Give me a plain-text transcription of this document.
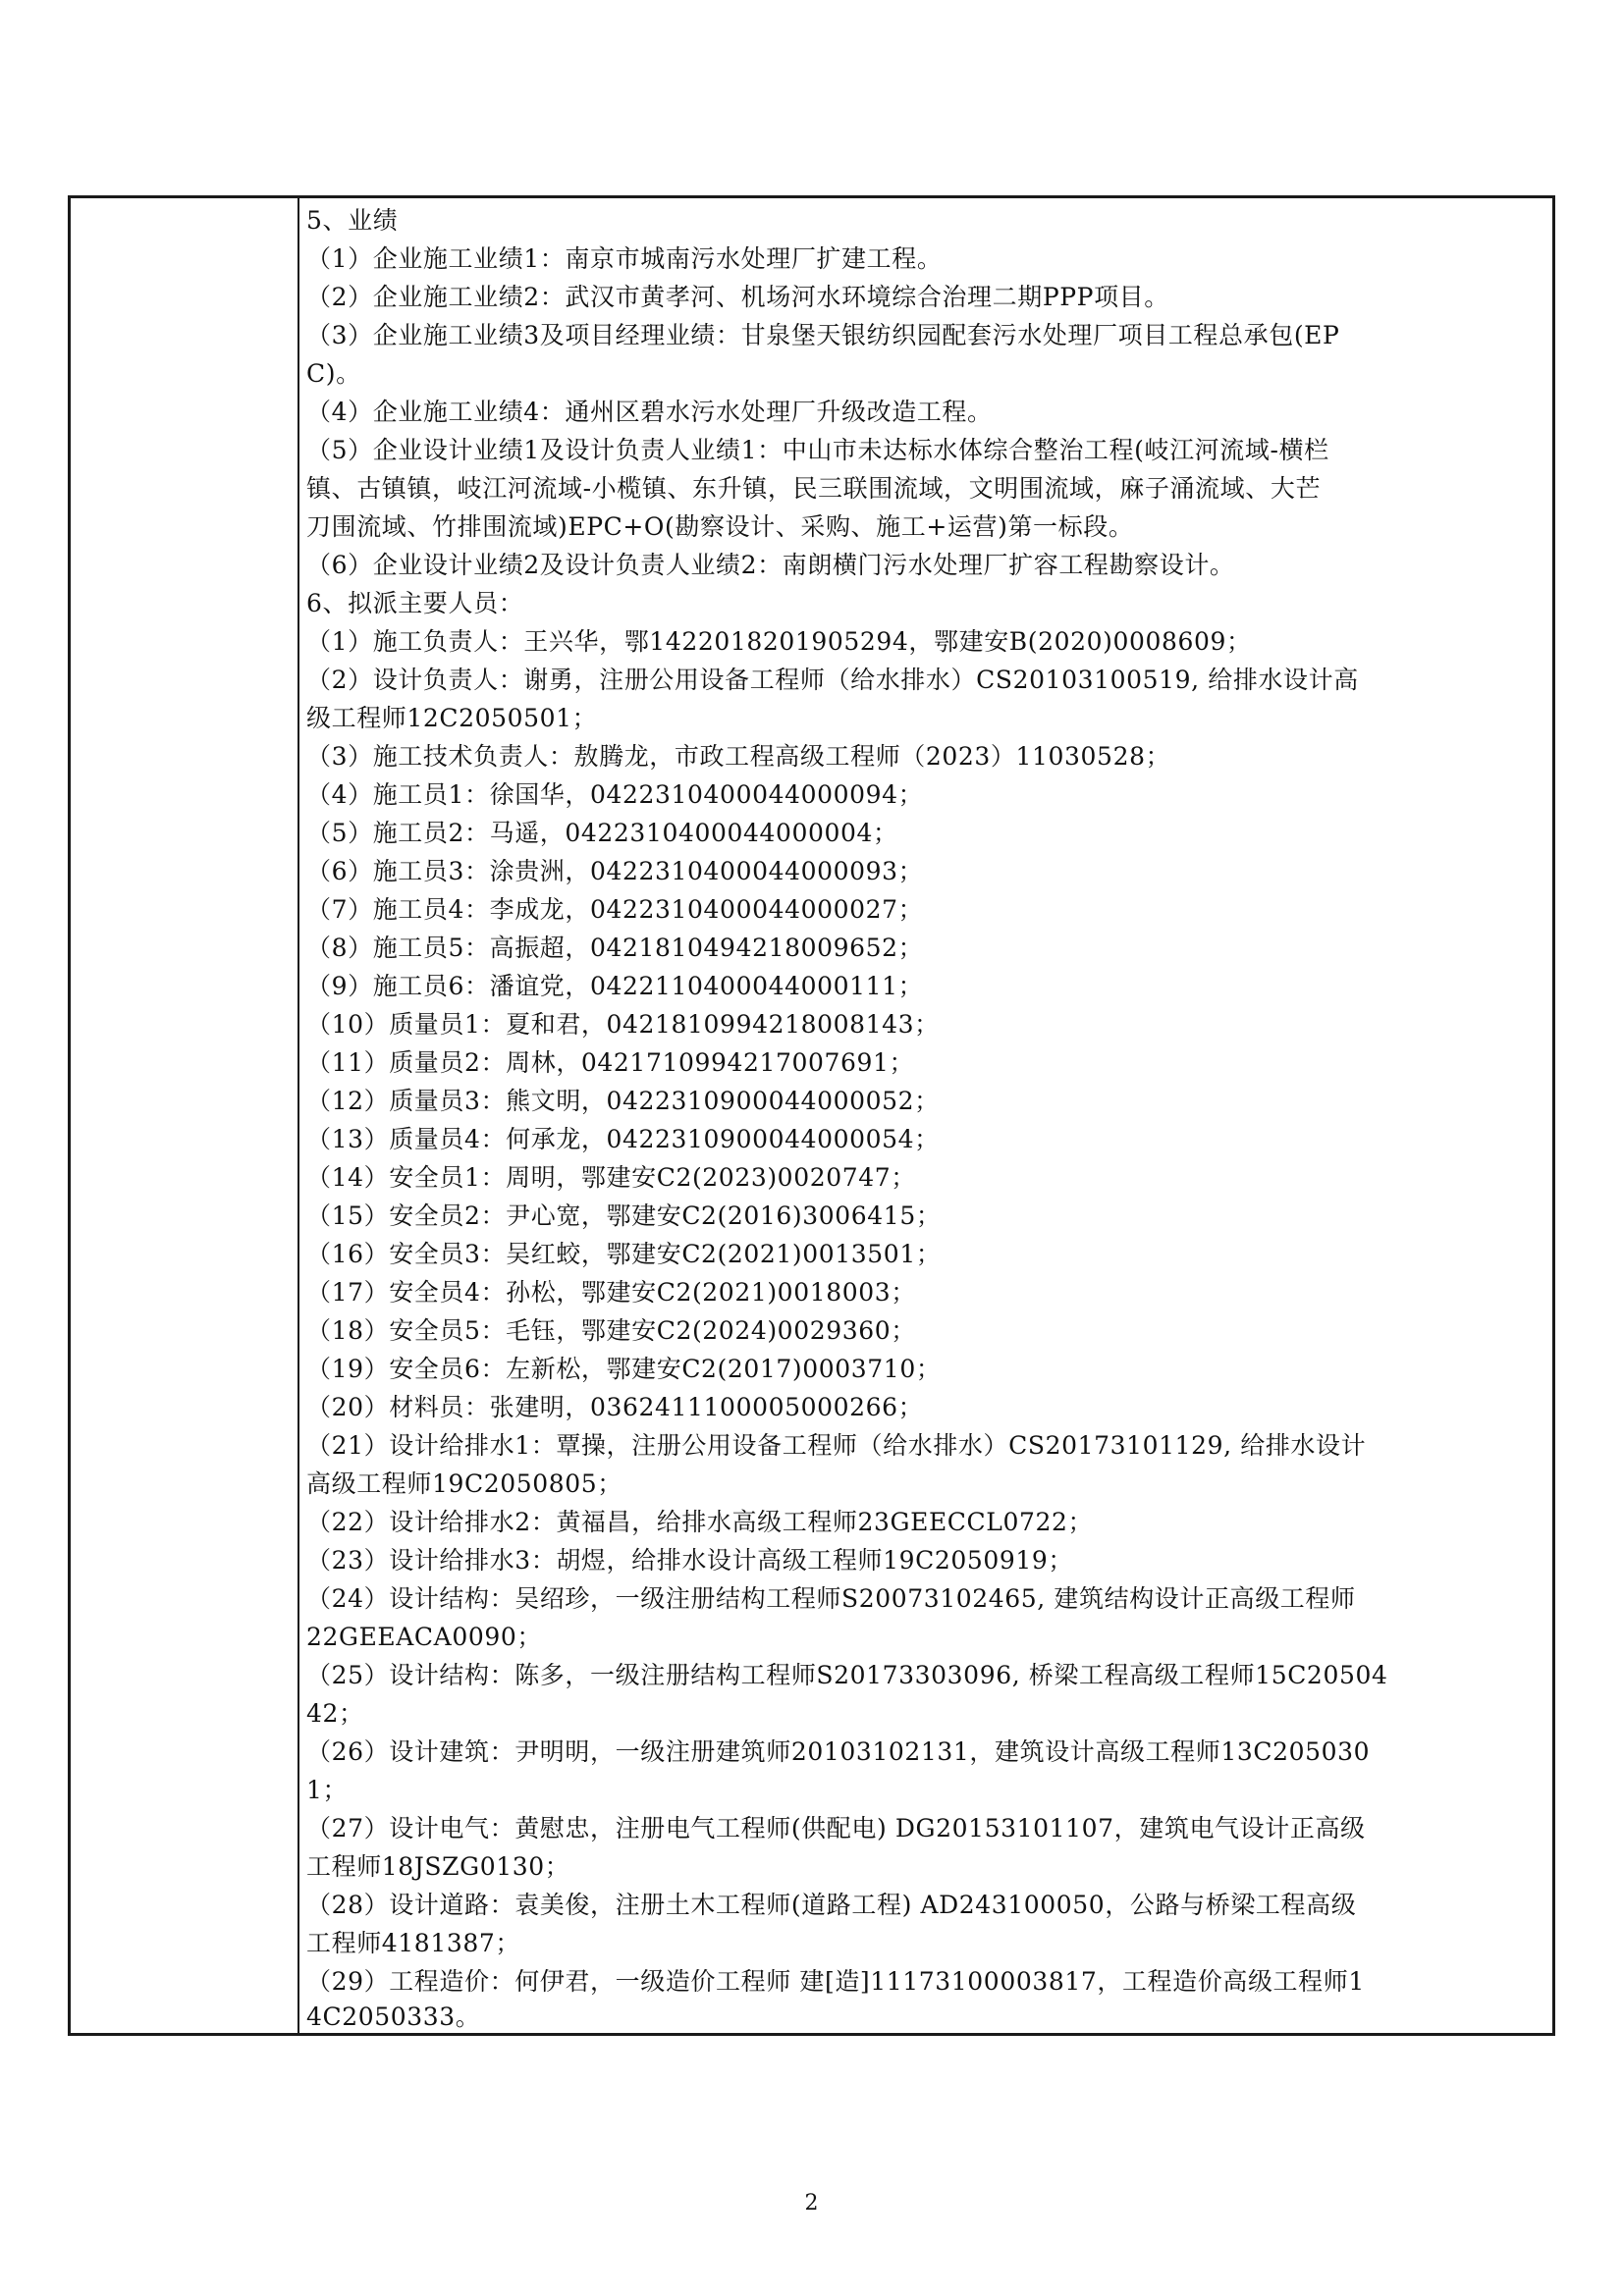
5、业绩
（1）企业施工业绩1：南京市城南污水处理厂扩建工程。
（2）企业施工业绩2：武汉市黄孝河、机场河水环境综合治理二期PPP项目。
（3）企业施工业绩3及项目经理业绩：甘泉堡天银纺织园配套污水处理厂项目工程总承包(EP
C)。
（4）企业施工业绩4：通州区碧水污水处理厂升级改造工程。
（5）企业设计业绩1及设计负责人业绩1：中山市未达标水体综合整治工程(岐江河流域-横栏
镇、古镇镇，岐江河流域-小榄镇、东升镇，民三联围流域，文明围流域，麻子涌流域、大芒
刀围流域、竹排围流域)EPC+O(勘察设计、采购、施工+运营)第一标段。
（6）企业设计业绩2及设计负责人业绩2：南朗横门污水处理厂扩容工程勘察设计。
6、拟派主要人员：
（1）施工负责人：王兴华，鄂1422018201905294，鄂建安B(2020)0008609；
（2）设计负责人：谢勇，注册公用设备工程师（给水排水）CS20103100519, 给排水设计高
级工程师12C2050501；
（3）施工技术负责人：敖腾龙，市政工程高级工程师（2023）11030528；
（4）施工员1：徐国华，0422310400044000094；
（5）施工员2：马遥，0422310400044000004；
（6）施工员3：涂贵洲，0422310400044000093；
（7）施工员4：李成龙，0422310400044000027；
（8）施工员5：高振超，0421810494218009652；
（9）施工员6：潘谊党，0422110400044000111；
（10）质量员1：夏和君，0421810994218008143；
（11）质量员2：周林，0421710994217007691；
（12）质量员3：熊文明，0422310900044000052；
（13）质量员4：何承龙，0422310900044000054；
（14）安全员1：周明，鄂建安C2(2023)0020747；
（15）安全员2：尹心宽，鄂建安C2(2016)3006415；
（16）安全员3：吴红蛟，鄂建安C2(2021)0013501；
（17）安全员4：孙松，鄂建安C2(2021)0018003；
（18）安全员5：毛钰，鄂建安C2(2024)0029360；
（19）安全员6：左新松，鄂建安C2(2017)0003710；
（20）材料员：张建明，0362411100005000266；
（21）设计给排水1：覃操，注册公用设备工程师（给水排水）CS20173101129, 给排水设计
高级工程师19C2050805；
（22）设计给排水2：黄福昌，给排水高级工程师23GEECCL0722；
（23）设计给排水3：胡煜，给排水设计高级工程师19C2050919；
（24）设计结构：吴绍珍，一级注册结构工程师S20073102465, 建筑结构设计正高级工程师
22GEEACA0090；
（25）设计结构：陈多，一级注册结构工程师S20173303096, 桥梁工程高级工程师15C20504
42；
（26）设计建筑：尹明明，一级注册建筑师20103102131，建筑设计高级工程师13C205030
1；
（27）设计电气：黄慰忠，注册电气工程师(供配电) DG20153101107，建筑电气设计正高级
工程师18JSZG0130；
（28）设计道路：袁美俊，注册土木工程师(道路工程) AD243100050，公路与桥梁工程高级
工程师4181387；
（29）工程造价：何伊君，一级造价工程师 建[造]11173100003817，工程造价高级工程师1
4C2050333。
2
